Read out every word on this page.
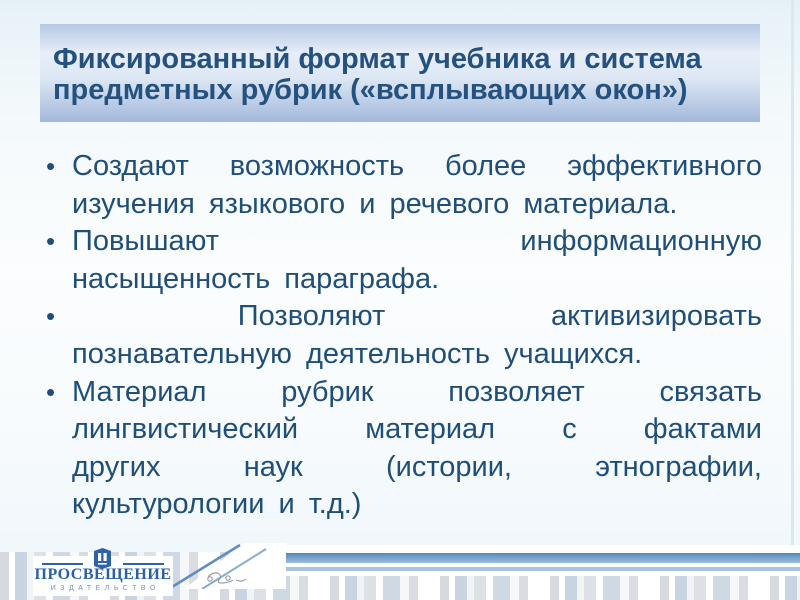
Фиксированный формат учебника и система
предметных рубрик («всплывающих окон»)
• Создают возможность более эффективного
изучения языкового и речевого материала.
• Повышают	информационную
насыщенность параграфа.
•	Позволяют	активизировать
познавательную деятельность учащихся.
• Материал	рубрик	позволяет	связать
лингвистический материал с фактами
других	наук	(истории,	этнографии,
культурологии и т.д.)
ПРОСВЕЩЕНИЕ
ИЗДАТЕЛЬСТВО
